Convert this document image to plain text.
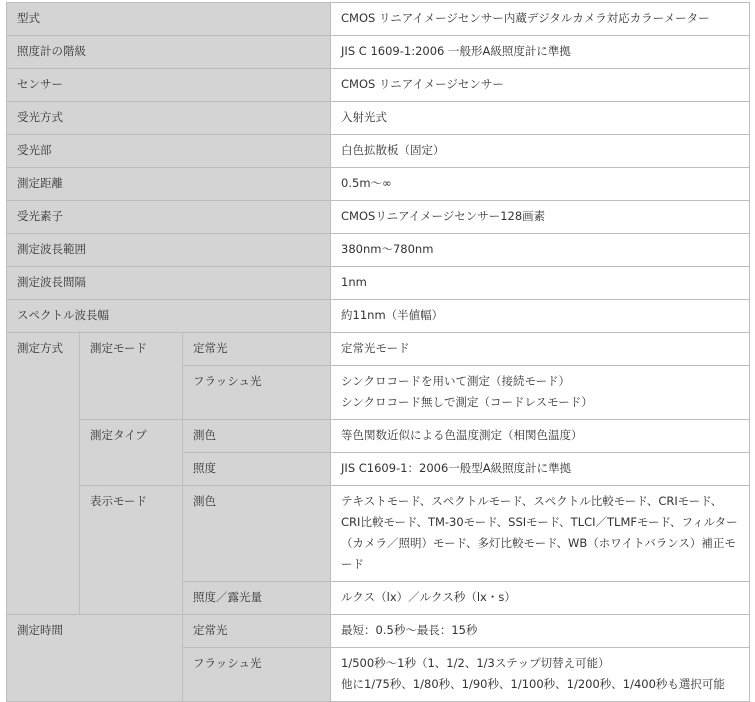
型式			CMOS リニアイメージセンサー内蔵デジタルカメラ対応カラーメーター
照度計の階級			JIS C 1609-1:2006 一般形A級照度計に準拠
センサー			CMOS リニアイメージセンサー
受光方式			入射光式
受光部			白色拡散板（固定）
測定距離			0.5m～∞
受光素子			CMOSリニアイメージセンサー128画素
測定波長範囲			380nm～780nm
測定波長間隔			1nm
スペクトル波長幅			約11nm（半値幅）
測定方式	測定モード	定常光	定常光モード
		フラッシュ光	シンクロコードを用いて測定（接続モード）
シンクロコード無しで測定（コードレスモード）

	測定タイプ	測色	等色関数近似による色温度測定（相関色温度）
		照度	JIS C1609-1：2006一般型A級照度計に準拠
	表示モード	測色	テキストモード、スペクトルモード、スペクトル比較モード、CRIモード、CRI比較モード、TM-30モード、SSIモード、TLCI／TLMFモード、フィルター（カメラ／照明）モード、多灯比較モード、WB（ホワイトバランス）補正モード
		照度／露光量	ルクス（lx）／ルクス秒（lx・s）
測定時間		定常光	最短：0.5秒～最長：15秒
		フラッシュ光	1/500秒～1秒（1、1/2、1/3ステップ切替え可能）
他に1/75秒、1/80秒、1/90秒、1/100秒、1/200秒、1/400秒も選択可能
